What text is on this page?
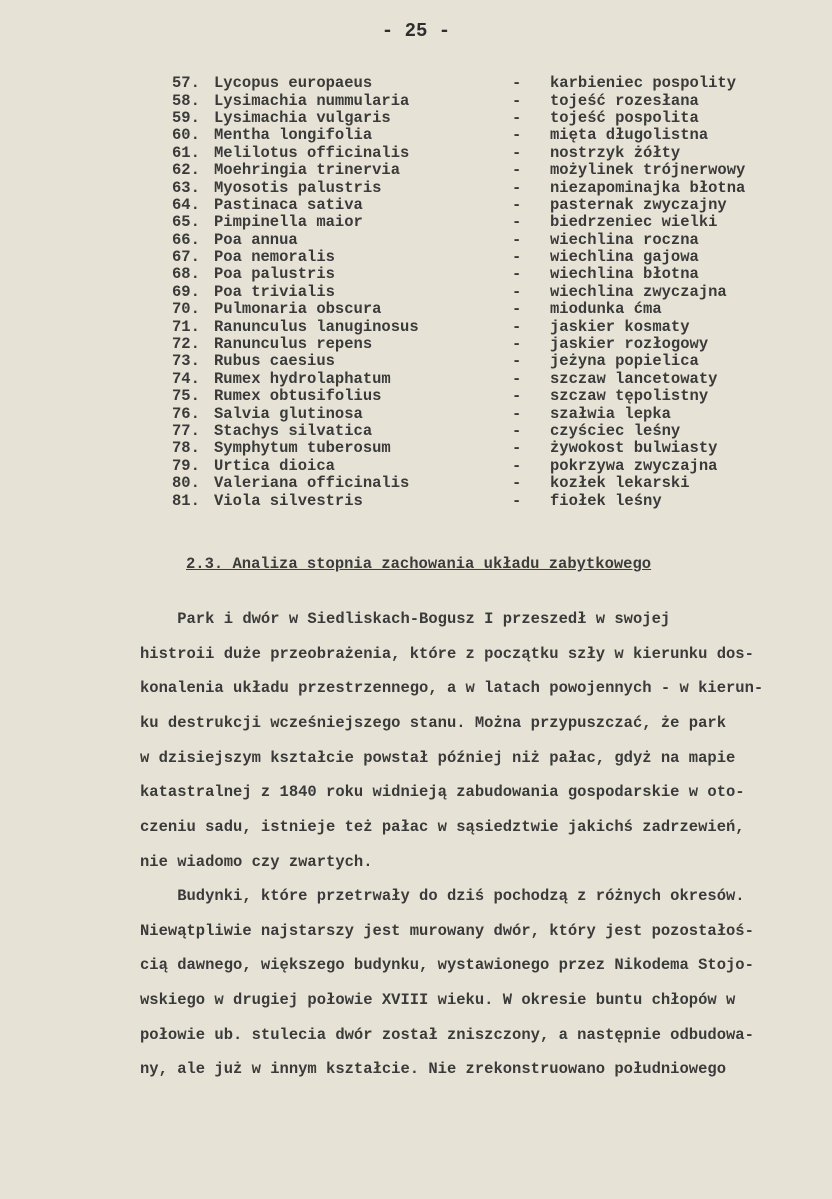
- 25 -
57. Lycopus europaeus	-	karbieniec pospolity
58. Lysimachia nummularia	-	tojeść rozesłana
59. Lysimachia vulgaris	-	tojeść pospolita
60. Mentha longifolia	-	mięta długolistna
61. Melilotus officinalis	-	nostrzyk żółty
62. Moehringia trinervia	-	możylinek trójnerwowy
63. Myosotis palustris	-	niezapominajka błotna
64. Pastinaca sativa	-	pasternak zwyczajny
65. Pimpinella maior	-	biedrzeniec wielki
66. Poa annua	-	wiechlina roczna
67. Poa nemoralis	-	wiechlina gajowa
68. Poa palustris	-	wiechlina błotna
69. Poa trivialis	-	wiechlina zwyczajna
70. Pulmonaria obscura	-	miodunka ćma
71. Ranunculus lanuginosus	-	jaskier kosmaty
72. Ranunculus repens	-	jaskier rozłogowy
73. Rubus caesius	-	jeżyna popielica
74. Rumex hydrolaphatum	-	szczaw lancetowaty
75. Rumex obtusifolius	-	szczaw tępolistny
76. Salvia glutinosa	-	szałwia lepka
77. Stachys silvatica	-	czyściec leśny
78. Symphytum tuberosum	-	żywokost bulwiasty
79. Urtica dioica	-	pokrzywa zwyczajna
80. Valeriana officinalis	-	kozłek lekarski
81. Viola silvestris	-	fiołek leśny
2.3. Analiza stopnia zachowania układu zabytkowego
Park i dwór w Siedliskach-Bogusz I przeszedł w swojej
histroii duże przeobrażenia, które z początku szły w kierunku dos-
konalenia układu przestrzennego, a w latach powojennych - w kierun-
ku destrukcji wcześniejszego stanu. Można przypuszczać, że park
w dzisiejszym kształcie powstał później niż pałac, gdyż na mapie
katastralnej z 1840 roku widnieją zabudowania gospodarskie w oto-
czeniu sadu, istnieje też pałac w sąsiedztwie jakichś zadrzewień,
nie wiadomo czy zwartych.
Budynki, które przetrwały do dziś pochodzą z różnych okresów.
Niewątpliwie najstarszy jest murowany dwór, który jest pozostałoś-
cią dawnego, większego budynku, wystawionego przez Nikodema Stojo-
wskiego w drugiej połowie XVIII wieku. W okresie buntu chłopów w
połowie ub. stulecia dwór został zniszczony, a następnie odbudowa-
ny, ale już w innym kształcie. Nie zrekonstruowano południowego
